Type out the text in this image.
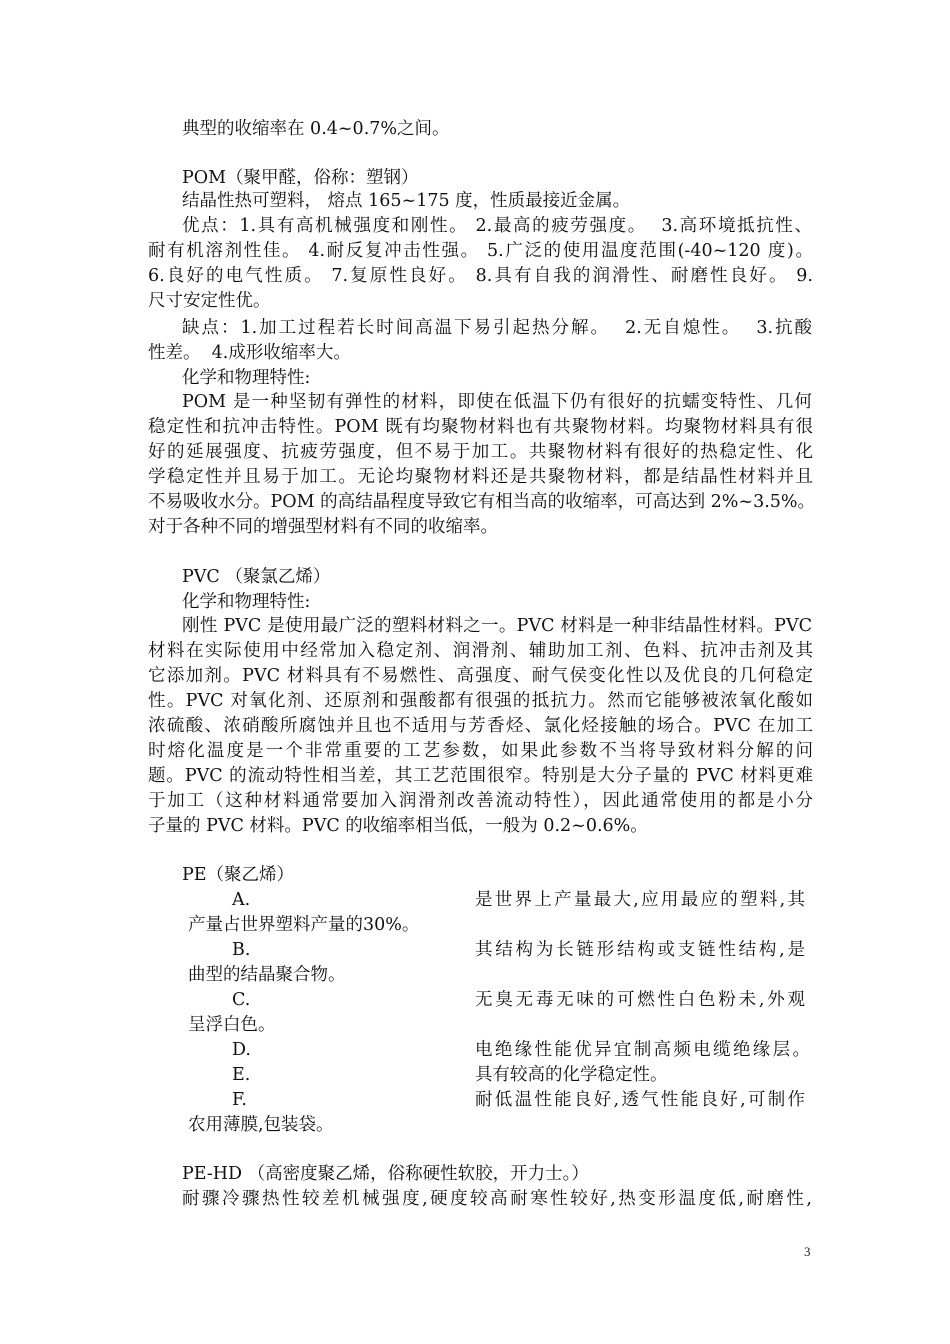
典型的收缩率在 0.4~0.7%之间。
POM（聚甲醛，俗称：塑钢）
结晶性热可塑料， 熔点 165~175 度，性质最接近金属。
优点：1.具有高机械强度和刚性。 2.最高的疲劳强度。  3.高环境抵抗性、
耐有机溶剂性佳。 4.耐反复冲击性强。 5.广泛的使用温度范围(-40~120 度)。
6.良好的电气性质。 7.复原性良好。 8.具有自我的润滑性、耐磨性良好。 9.
尺寸安定性优。
缺点：1.加工过程若长时间高温下易引起热分解。  2.无自熄性。  3.抗酸
性差。  4.成形收缩率大。
化学和物理特性:
POM 是一种坚韧有弹性的材料，即使在低温下仍有很好的抗蠕变特性、几何
稳定性和抗冲击特性。POM 既有均聚物材料也有共聚物材料。均聚物材料具有很
好的延展强度、抗疲劳强度，但不易于加工。共聚物材料有很好的热稳定性、化
学稳定性并且易于加工。无论均聚物材料还是共聚物材料，都是结晶性材料并且
不易吸收水分。POM 的高结晶程度导致它有相当高的收缩率，可高达到 2%~3.5%。
对于各种不同的增强型材料有不同的收缩率。
PVC （聚氯乙烯）
化学和物理特性:
刚性 PVC 是使用最广泛的塑料材料之一。PVC 材料是一种非结晶性材料。PVC
材料在实际使用中经常加入稳定剂、润滑剂、辅助加工剂、色料、抗冲击剂及其
它添加剂。PVC 材料具有不易燃性、高强度、耐气侯变化性以及优良的几何稳定
性。PVC 对氧化剂、还原剂和强酸都有很强的抵抗力。然而它能够被浓氧化酸如
浓硫酸、浓硝酸所腐蚀并且也不适用与芳香烃、氯化烃接触的场合。PVC 在加工
时熔化温度是一个非常重要的工艺参数，如果此参数不当将导致材料分解的问
题。PVC 的流动特性相当差，其工艺范围很窄。特别是大分子量的 PVC 材料更难
于加工（这种材料通常要加入润滑剂改善流动特性），因此通常使用的都是小分
子量的 PVC 材料。PVC 的收缩率相当低，一般为 0.2~0.6%。
PE（聚乙烯）
A.	是世界上产量最大,应用最应的塑料,其
产量占世界塑料产量的30%。
B.	其结构为长链形结构或支链性结构,是
曲型的结晶聚合物。
C.	无臭无毒无味的可燃性白色粉未,外观
呈浮白色。
D.	电绝缘性能优异宜制高频电缆绝缘层。
E.	具有较高的化学稳定性。
F.	耐低温性能良好,透气性能良好,可制作
农用薄膜,包装袋。
PE-HD （高密度聚乙烯，俗称硬性软胶，开力士。）
耐骤冷骤热性较差机械强度,硬度较高耐寒性较好,热变形温度低,耐磨性,
3
